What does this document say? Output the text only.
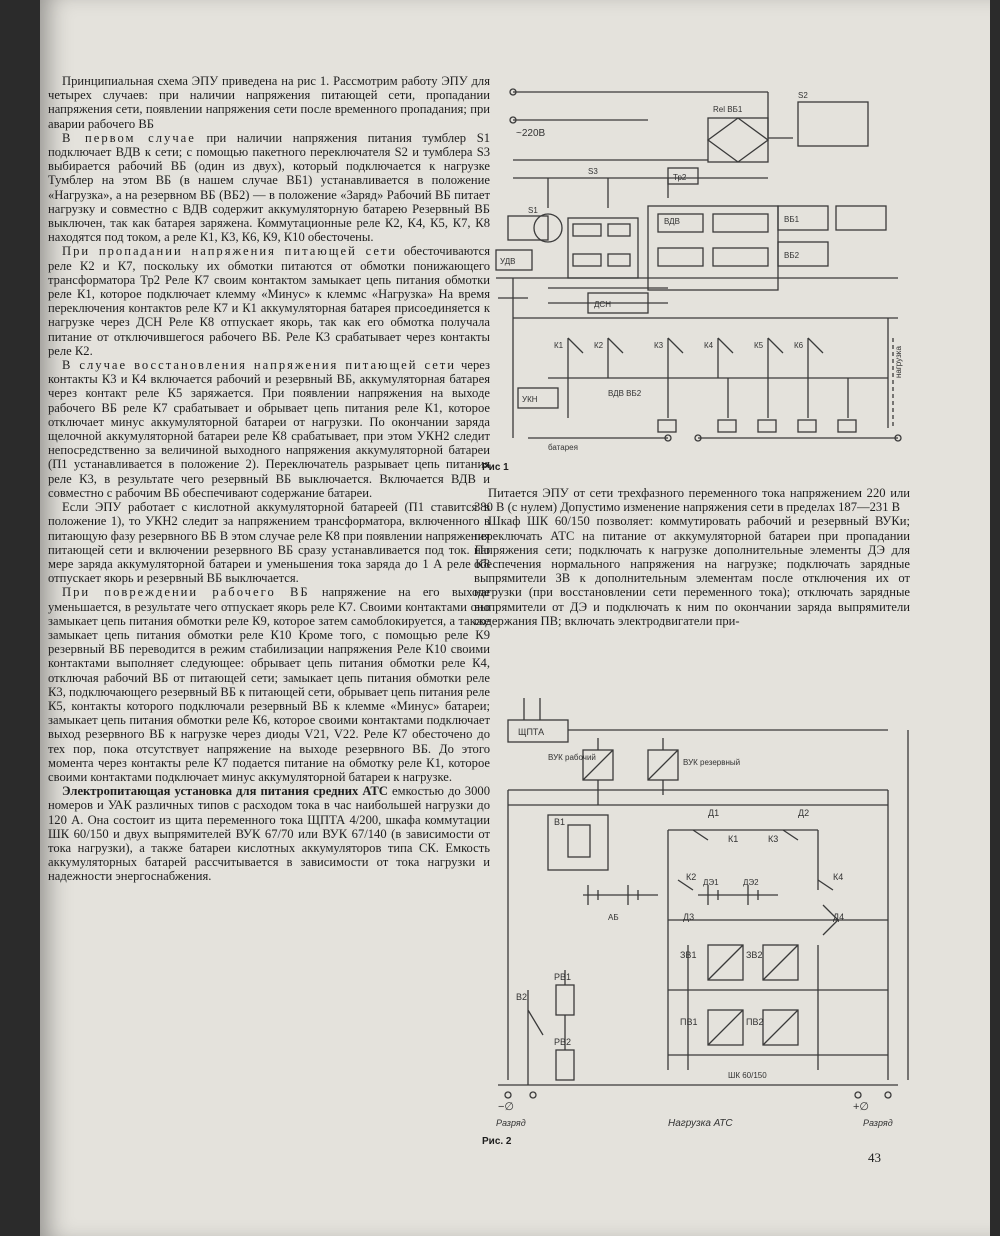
Принципиальная схема ЭПУ приведена на рис 1. Рассмотрим работу ЭПУ для четырех случаев: при наличии напряжения питающей сети, пропадании напряжения сети, появлении напряжения сети после временного пропадания; при аварии рабочего ВБ

В первом случае при наличии напряжения питания тумблер S1 подключает ВДВ к сети; с помощью пакетного переключателя S2 и тумблера S3 выбирается рабочий ВБ (один из двух), который подключается к нагрузке Тумблер на этом ВБ (в нашем случае ВБ1) устанавливается в положение «Нагрузка», а на резервном ВБ (ВБ2) — в положение «Заряд» Рабочий ВБ питает нагрузку и совместно с ВДВ содержит аккумуляторную батарею Резервный ВБ выключен, так как батарея заряжена. Коммутационные реле К2, К4, К5, К7, К8 находятся под током, а реле К1, К3, К6, К9, К10 обесточены.

При пропадании напряжения питающей сети обесточиваются реле К2 и К7, поскольку их обмотки питаются от обмотки понижающего трансформатора Тр2 Реле К7 своим контактом замыкает цепь питания обмотки реле К1, которое подключает клемму «Минус» к клеммс «Нагрузка» На время переключения контактов реле К7 и К1 аккумуляторная батарея присоединяется к нагрузке через ДСН Реле К8 отпускает якорь, так как его обмотка получала питание от отключившегося рабочего ВБ. Реле К3 срабатывает через контакты реле К2.

В случае восстановления напряжения питающей сети через контакты К3 и К4 включается рабочий и резервный ВБ, аккумуляторная батарея через контакт реле К5 заряжается. При появлении напряжения на выходе рабочего ВБ реле К7 срабатывает и обрывает цепь питания реле К1, которое отключает минус аккумуляторной батареи от нагрузки. По окончании заряда щелочной аккумуляторной батареи реле К8 срабатывает, при этом УКН2 следит непосредственно за величиной выходного напряжения аккумуляторной батареи (П1 устанавливается в положение 2). Переключатель разрывает цепь питания реле К3, в результате чего резервный ВБ выключается. Включается ВДВ и совместно с рабочим ВБ обеспечивают содержание батареи.

Если ЭПУ работает с кислотной аккумуляторной батареей (П1 ставится в положение 1), то УКН2 следит за напряжением трансформатора, включенного в питающую фазу резервного ВБ В этом случае реле К8 при появлении напряжения питающей сети и включении резервного ВБ сразу устанавливается под ток. По мере заряда аккумуляторной батареи и уменьшения тока заряда до 1 А реле К8 отпускает якорь и резервный ВБ выключается.

При повреждении рабочего ВБ напряжение на его выходе уменьшается, в результате чего отпускает якорь реле К7. Своими контактами оно замыкает цепь питания обмотки реле К9, которое затем самоблокируется, а также замыкает цепь питания обмотки реле К10 Кроме того, с помощью реле К9 резервный ВБ переводится в режим стабилизации напряжения Реле К10 своими контактами выполняет следующее: обрывает цепь питания обмотки реле К4, отключая рабочий ВБ от питающей сети; замыкает цепь питания обмотки реле К3, подключающего резервный ВБ к питающей сети, обрывает цепь питания реле К5, контакты которого подключали резервный ВБ к клемме «Минус» батареи; замыкает цепь питания обмотки реле К6, которое своими контактами подключает выход резервного ВБ к нагрузке через диоды V21, V22. Реле К7 обесточено до тех пор, пока отсутствует напряжение на выходе резервного ВБ. До этого момента через контакты реле К7 подается питание на обмотку реле К1, которое своими контактами подключает минус аккумуляторной батареи к нагрузке.

Электропитающая установка для питания средних АТС емкостью до 3000 номеров и УАК различных типов с расходом тока в час наибольшей нагрузки до 120 А. Она состоит из щита переменного тока ЩПТА 4/200, шкафа коммутации ШК 60/150 и двух выпрямителей ВУК 67/70 или ВУК 67/140 (в зависимости от тока нагрузки), а также батареи кислотных аккумуляторов типа СК. Емкость аккумуляторных батарей рассчитывается в зависимости от тока нагрузки и надежности энергоснабжения.

~220В
Rel ВБ1
ВБ1
ВБ2
УДВ
УКН
ВДВ
ДСН
ВДВ ВБ2
батарея
нагрузка
К1	К2	К3	К4	К5	К6
S1
S2
S3
Тр2
Рис 1

Питается ЭПУ от сети трехфазного переменного тока напряжением 220 или 380 В (с нулем) Допустимо изменение напряжения сети в пределах 187—231 В

Шкаф ШК 60/150 позволяет: коммутировать рабочий и резервный ВУКи; переключать АТС на питание от аккумуляторной батареи при пропадании напряжения сети; подключать к нагрузке дополнительные элементы ДЭ для обеспечения нормального напряжения на нагрузке; подключать зарядные выпрямители ЗВ к дополнительным элементам после отключения их от нагрузки (при восстановлении сети переменного тока); отключать зарядные выпрямители от ДЭ и подключать к ним по окончании заряда выпрямители содержания ПВ; включать электродвигатели при-

ЩПТА
ВУК рабочий
ВУК резервный
В1
В2
Д1	Д2
Д3	Д4
К1
К2
К3
К4
ЗВ1	ЗВ2
ПВ1	ПВ2
РВ1
РВ2
ДЭ1	ДЭ2
АБ
ШК 60/150
−∅	+∅
Разряд	Разряд
Нагрузка АТС
Рис. 2
43
